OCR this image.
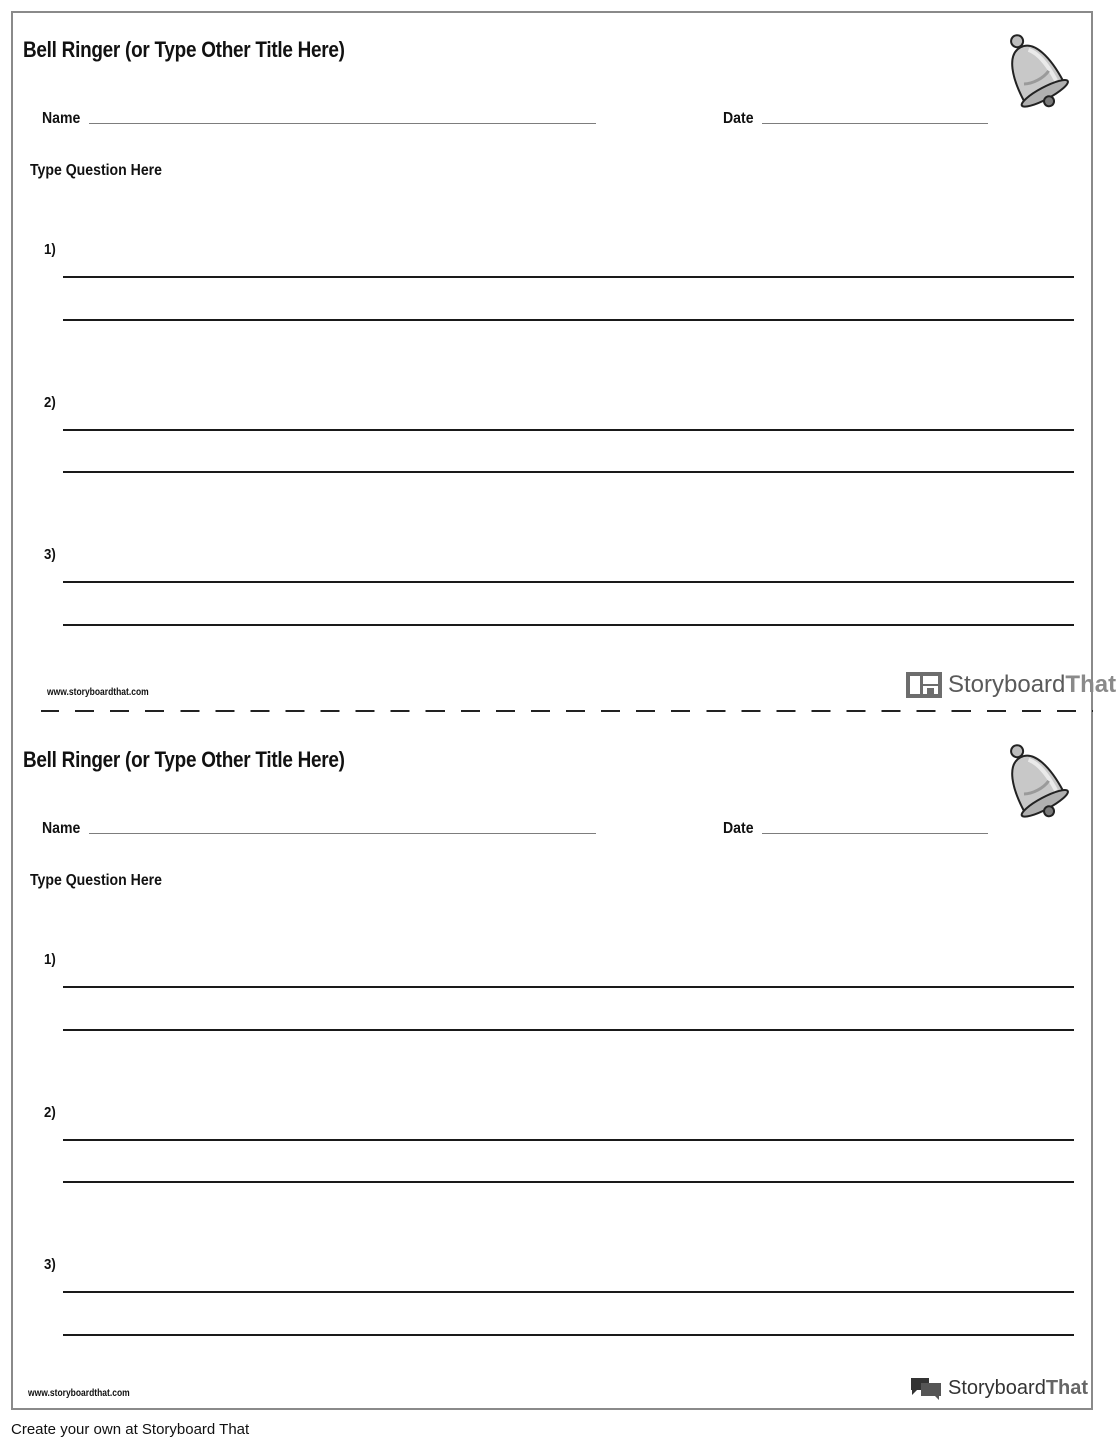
Bell Ringer (or Type Other Title Here)
Name	Date
Type Question Here
1)
2)
3)
www.storyboardthat.com	StoryboardThat
Bell Ringer (or Type Other Title Here)
Name	Date
Type Question Here
1)
2)
3)
www.storyboardthat.com	StoryboardThat
Create your own at Storyboard That
